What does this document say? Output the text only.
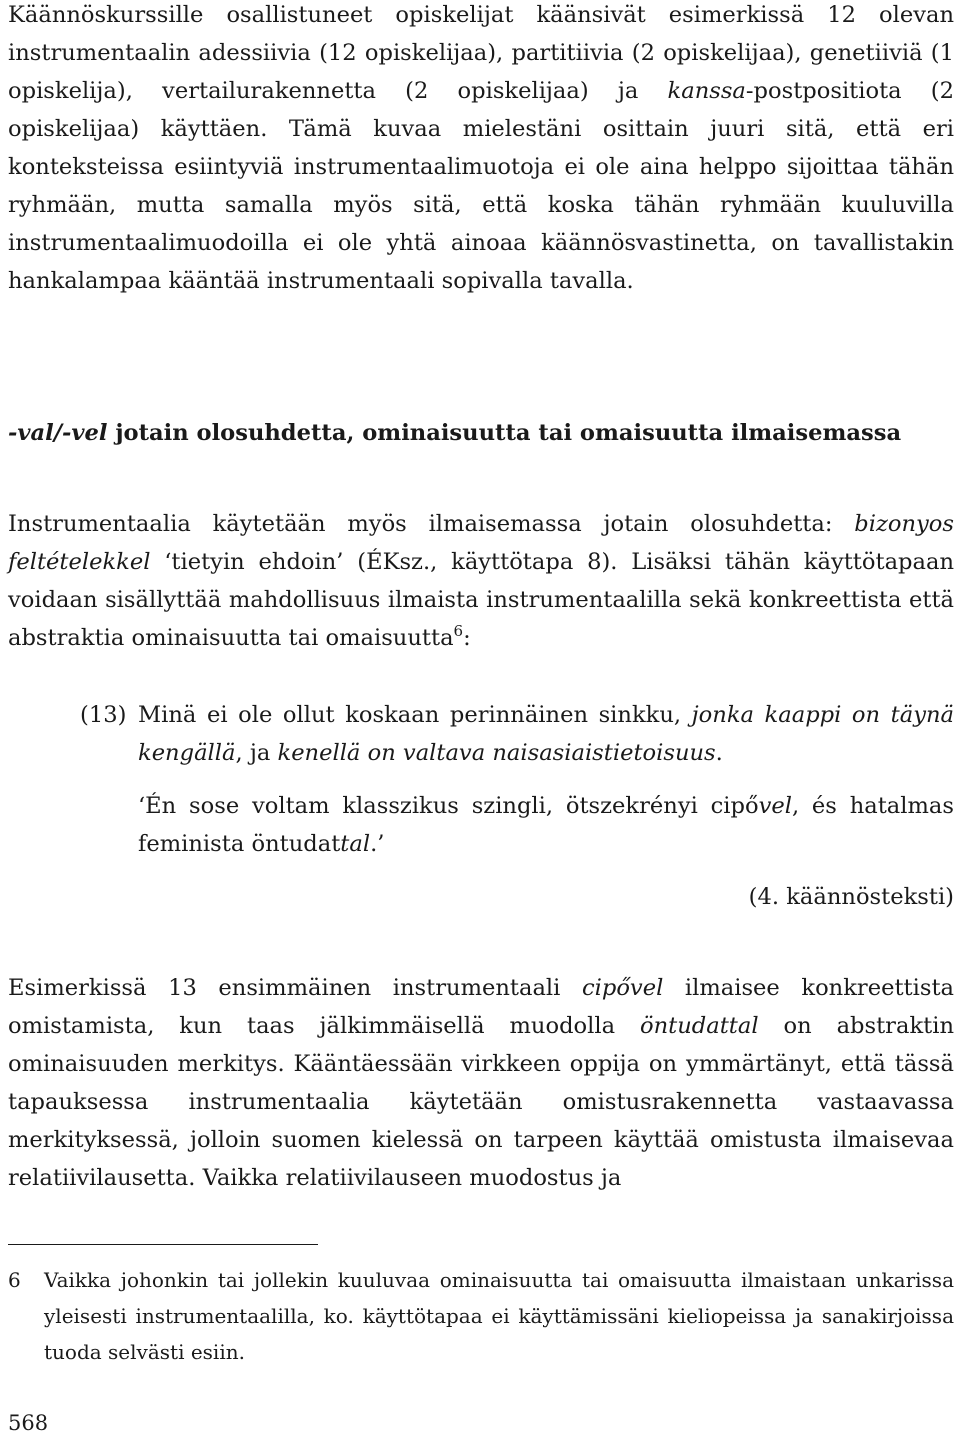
Käännöskurssille osallistuneet opiskelijat käänsivät esimerkissä 12 olevan instrumentaalin adessiivia (12 opiskelijaa), partitiivia (2 opiskelijaa), genetiiviä (1 opiskelija), vertailurakennetta (2 opiskelijaa) ja kanssa-postpositiota (2 opiskelijaa) käyttäen. Tämä kuvaa mielestäni osittain juuri sitä, että eri konteksteissa esiintyviä instrumentaalimuotoja ei ole aina helppo sijoittaa tähän ryhmään, mutta samalla myös sitä, että koska tähän ryhmään kuuluvilla instrumentaalimuodoilla ei ole yhtä ainoaa käännösvastinetta, on tavallistakin hankalampaa kääntää instrumentaali sopivalla tavalla.

-val/-vel jotain olosuhdetta, ominaisuutta tai omaisuutta ilmaisemassa

Instrumentaalia käytetään myös ilmaisemassa jotain olosuhdetta: bizonyos feltételekkel ‘tietyin ehdoin’ (ÉKsz., käyttötapa 8). Lisäksi tähän käyttötapaan voidaan sisällyttää mahdollisuus ilmaista instrumentaalilla sekä konkreettista että abstraktia ominaisuutta tai omaisuutta$^6$:

(13) Minä ei ole ollut koskaan perinnäinen sinkku, jonka kaappi on täynä kengällä, ja kenellä on valtava naisasiaistietoisuus.

‘Én sose voltam klasszikus szingli, ötszekrényi cipővel, és hatalmas feminista öntudattal.’

(4. käännösteksti)

Esimerkissä 13 ensimmäinen instrumentaali cipővel ilmaisee konkreettista omistamista, kun taas jälkimmäisellä muodolla öntudattal on abstraktin ominaisuuden merkitys. Kääntäessään virkkeen oppija on ymmärtänyt, että tässä tapauksessa instrumentaalia käytetään omistusrakennetta vastaavassa merkityksessä, jolloin suomen kielessä on tarpeen käyttää omistusta ilmaisevaa relatiivilausetta. Vaikka relatiivilauseen muodostus ja

6 Vaikka johonkin tai jollekin kuuluvaa ominaisuutta tai omaisuutta ilmaistaan unkarissa yleisesti instrumentaalilla, ko. käyttötapaa ei käyttämissäni kieliopeissa ja sanakirjoissa tuoda selvästi esiin.

568
